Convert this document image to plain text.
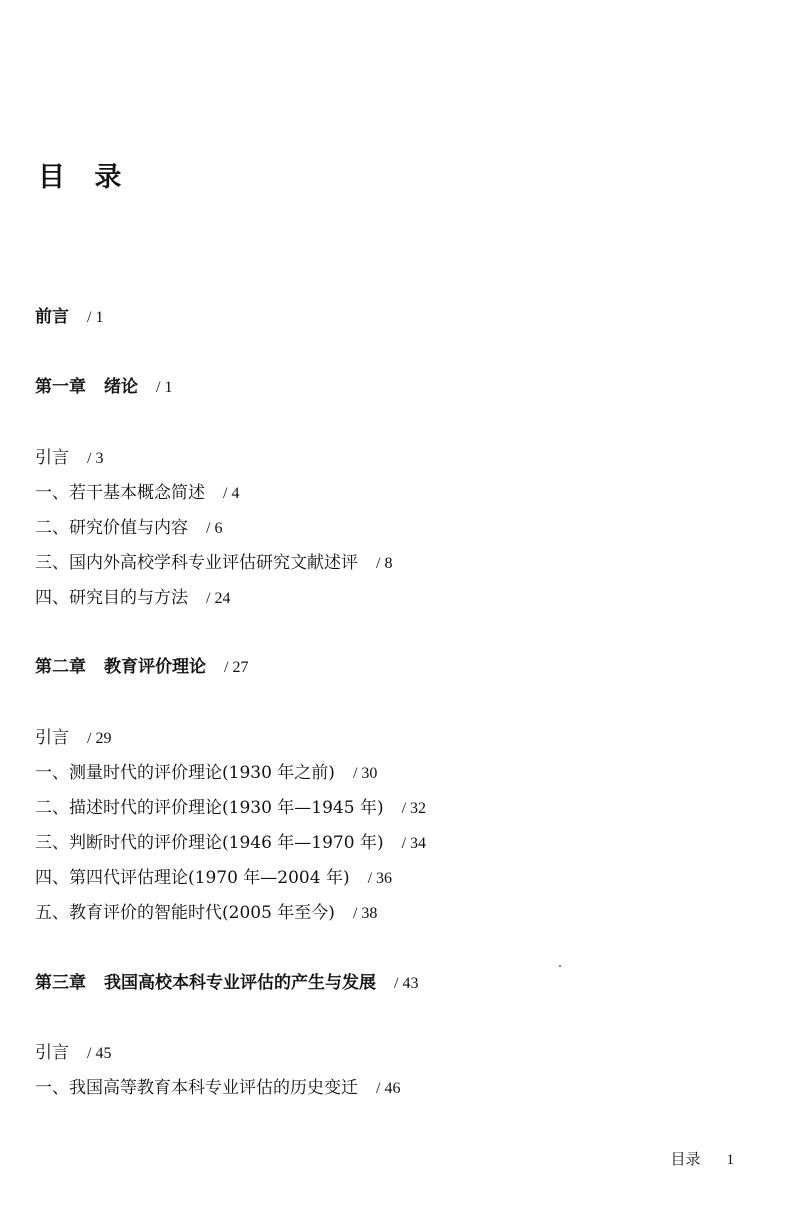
目 录
前言 / 1
第一章 绪论 / 1
引言 / 3
一、若干基本概念简述 / 4
二、研究价值与内容 / 6
三、国内外高校学科专业评估研究文献述评 / 8
四、研究目的与方法 / 24
第二章 教育评价理论 / 27
引言 / 29
一、测量时代的评价理论(1930 年之前) / 30
二、描述时代的评价理论(1930 年—1945 年) / 32
三、判断时代的评价理论(1946 年—1970 年) / 34
四、第四代评估理论(1970 年—2004 年) / 36
五、教育评价的智能时代(2005 年至今) / 38
第三章 我国高校本科专业评估的产生与发展 / 43
引言 / 45
一、我国高等教育本科专业评估的历史变迁 / 46
目录 1
